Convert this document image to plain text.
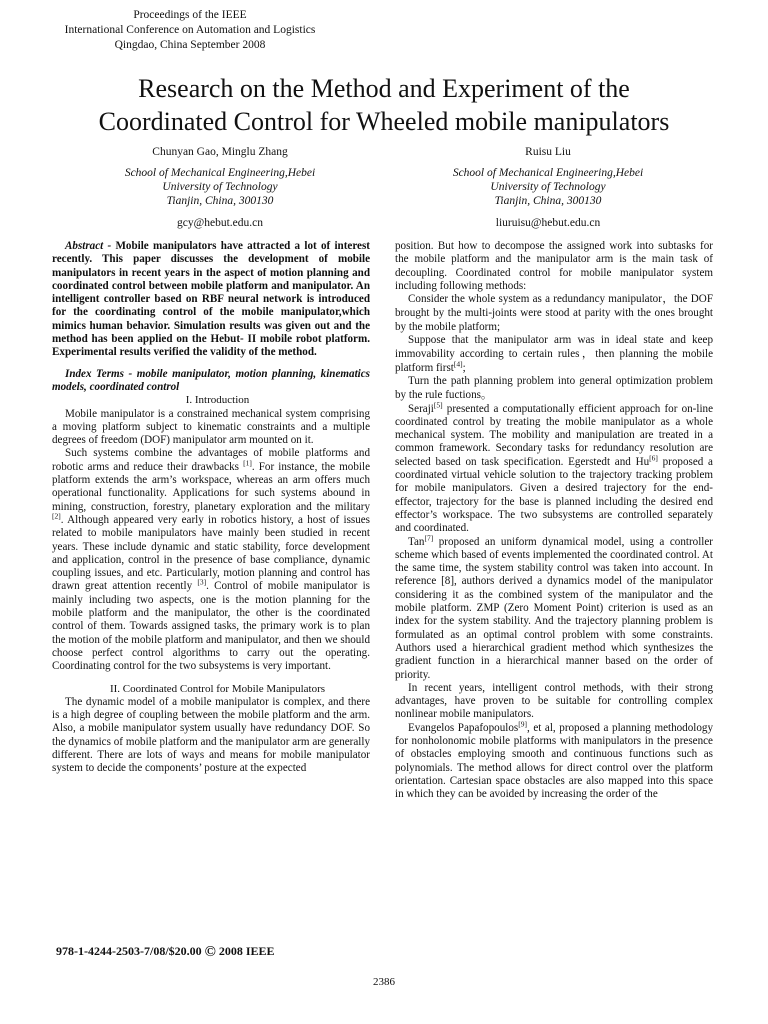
Proceedings of the IEEE
International Conference on Automation and Logistics
Qingdao, China September 2008
Research on the Method and Experiment of the
Coordinated Control for Wheeled mobile manipulators
Chunyan Gao, Minglu Zhang
School of Mechanical Engineering,Hebei
University of Technology
Tianjin, China, 300130
gcy@hebut.edu.cn
Ruisu Liu
School of Mechanical Engineering,Hebei
University of Technology
Tianjin, China, 300130
liuruisu@hebut.edu.cn

Abstract - Mobile manipulators have attracted a lot of interest recently. This paper discusses the development of mobile manipulators in recent years in the aspect of motion planning and coordinated control between mobile platform and manipulator. An intelligent controller based on RBF neural network is introduced for the coordinating control of the mobile manipulator,which mimics human behavior. Simulation results was given out and the method has been applied on the Hebut- II mobile robot platform. Experimental results verified the validity of the method.

Index Terms - mobile manipulator, motion planning, kinematics models, coordinated control

I. Introduction

Mobile manipulator is a constrained mechanical system comprising a moving platform subject to kinematic constraints and a multiple degrees of freedom (DOF) manipulator arm mounted on it.

Such systems combine the advantages of mobile platforms and robotic arms and reduce their drawbacks [1]. For instance, the mobile platform extends the arm’s workspace, whereas an arm offers much operational functionality. Applications for such systems abound in mining, construction, forestry, planetary exploration and the military [2]. Although appeared very early in robotics history, a host of issues related to mobile manipulators have mainly been studied in recent years. These include dynamic and static stability, force development and application, control in the presence of base compliance, dynamic coupling issues, and etc. Particularly, motion planning and control has drawn great attention recently [3]. Control of mobile manipulator is mainly including two aspects, one is the motion planning for the mobile platform and the manipulator, the other is the coordinated control of them. Towards assigned tasks, the primary work is to plan the motion of the mobile platform and manipulator, and then we should choose perfect control algorithms to carry out the operating. Coordinating control for the two subsystems is very important.

II. Coordinated Control for Mobile Manipulators

The dynamic model of a mobile manipulator is complex, and there is a high degree of coupling between the mobile platform and the arm. Also, a mobile manipulator system usually have redundancy DOF. So the dynamics of mobile platform and the manipulator arm are generally different. There are lots of ways and means for mobile manipulator system to decide the components’ posture at the expected

position. But how to decompose the assigned work into subtasks for the mobile platform and the manipulator arm is the main task of decoupling. Coordinated control for mobile manipulator system including following methods:

Consider the whole system as a redundancy manipulator，the DOF brought by the multi-joints were stood at parity with the ones brought by the mobile platform;

Suppose that the manipulator arm was in ideal state and keep immovability according to certain rules，then planning the mobile platform first[4];

Turn the path planning problem into general optimization problem by the rule fuctions。

Seraji[5] presented a computationally efficient approach for on-line coordinated control by treating the mobile manipulator as a whole mechanical system. The mobility and manipulation are treated in a common framework. Secondary tasks for redundancy resolution are selected based on task specification. Egerstedt and Hu[6] proposed a coordinated virtual vehicle solution to the trajectory tracking problem for mobile manipulators. Given a desired trajectory for the end-effector, trajectory for the base is planned including the desired end effector’s workspace. The two subsystems are controlled separately and coordinated.

Tan[7] proposed an uniform dynamical model, using a controller scheme which based of events implemented the coordinated control. At the same time, the system stability control was taken into account. In reference [8], authors derived a dynamics model of the manipulator considering it as the combined system of the manipulator and the mobile platform. ZMP (Zero Moment Point) criterion is used as an index for the system stability. And the trajectory planning problem is formulated as an optimal control problem with some constraints. Authors used a hierarchical gradient method which synthesizes the gradient function in a hierarchical manner based on the order of priority.

In recent years, intelligent control methods, with their strong advantages, have proven to be suitable for controlling complex nonlinear mobile manipulators.

Evangelos Papafopoulos[9], et al, proposed a planning methodology for nonholonomic mobile platforms with manipulators in the presence of obstacles employing smooth and continuous functions such as polynomials. The method allows for direct control over the platform orientation. Cartesian space obstacles are also mapped into this space in which they can be avoided by increasing the order of the

978-1-4244-2503-7/08/$20.00 © 2008 IEEE
2386
